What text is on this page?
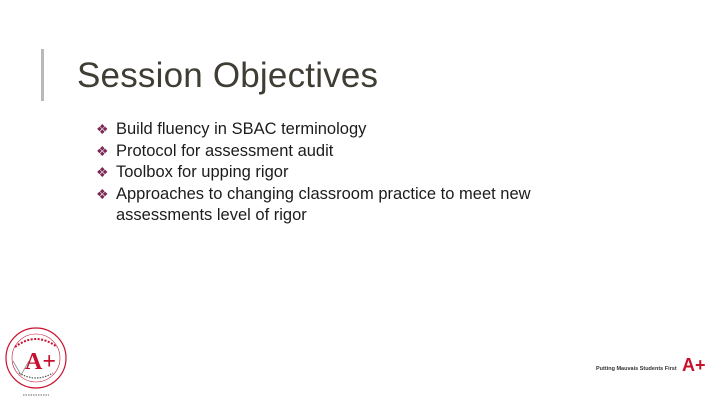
Session Objectives
❖ Build fluency in SBAC terminology
❖ Protocol for assessment audit
❖ Toolbox for upping rigor
❖ Approaches to changing classroom practice to meet new assessments level of rigor
A+	Putting Mauvais Students First A+
